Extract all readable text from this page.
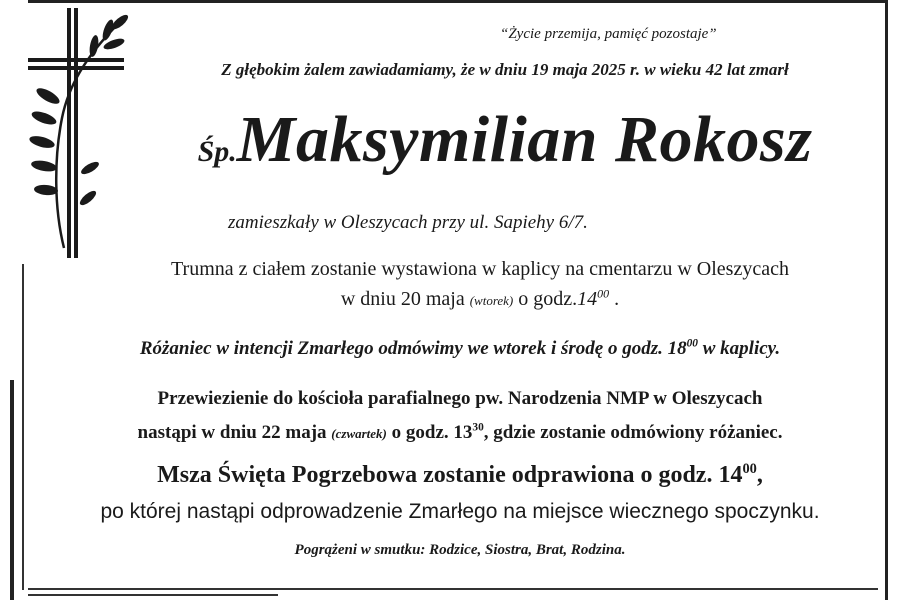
“Życie przemija, pamięć pozostaje”
Z głębokim żalem zawiadamiamy, że w dniu 19 maja 2025 r. w wieku 42 lat zmarł
Śp.Maksymilian Rokosz
zamieszkały w Oleszycach przy ul. Sapiehy 6/7.
Trumna z ciałem zostanie wystawiona w kaplicy na cmentarzu w Oleszycach
w dniu 20 maja (wtorek) o $godz.14^{00}$ .
Różaniec w intencji Zmarłego odmówimy we wtorek i środę o godz. $18^{00}$ w kaplicy.
Przewiezienie do kościoła parafialnego pw. Narodzenia NMP w Oleszycach
nastąpi w dniu 22 maja (czwartek) o godz. $13^{30}$, gdzie zostanie odmówiony różaniec.
Msza Święta Pogrzebowa zostanie odprawiona o godz. $14^{00}$,
po której nastąpi odprowadzenie Zmarłego na miejsce wiecznego spoczynku.
Pogrążeni w smutku: Rodzice, Siostra, Brat, Rodzina.
